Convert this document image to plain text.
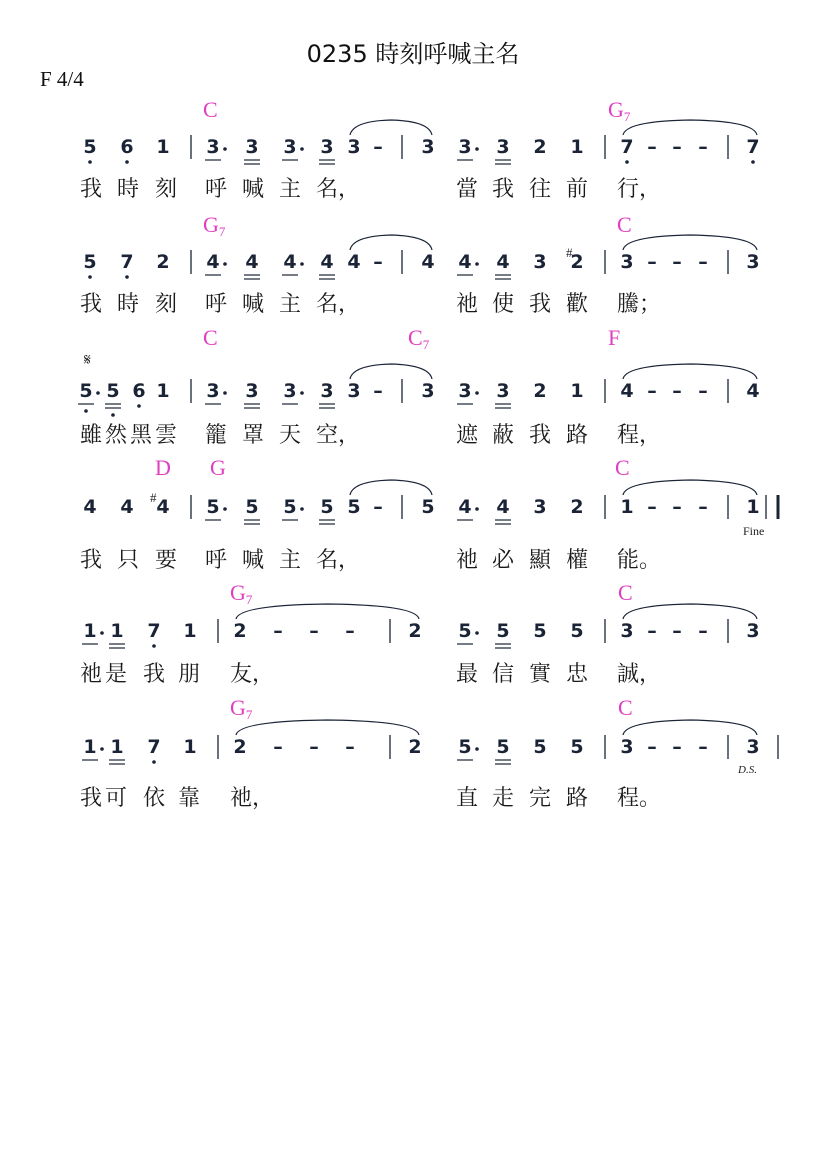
0235 時刻呼喊主名
F 4/4
5 6 1 3 3 3 3 3 – 3 3 3 2 1 7 – – – 7
C	$G_7$
我 時 刻	呼 喊 主 名，	當 我 往 前	行，
5 7 2 4 4 4 4 4 – 4 4 4 3 2 3 – – – 3
$G_7$	C
我 時 刻	呼 喊 主 名，	祂 使 我 歡	騰；
5 5 6 1 3 3 3 3 3 – 3 3 3 2 1 4 – – – 4
C	$C_7$	F
雖 然 黑 雲	籠 罩 天 空，	遮 蔽 我 路	程，
4 4 4 5 5 5 5 5 – 5 4 4 3 2 1 – – – 1
D G	C
我 只 要	呼 喊 主 名，	祂 必 顯 權	能。
1 1 7 1 2 – – –	2 5 5 5 5 3 – – – 3
$G_7$	C
祂 是 我 朋	友，	最 信 實 忠	誠，
1 1 7 1 2 – – –	2 5 5 5 5 3 – – – 3
$G_7$	C
我 可 依 靠	祂，	直 走 完 路	程。
#
#
𝄋
Fine
D.S.
